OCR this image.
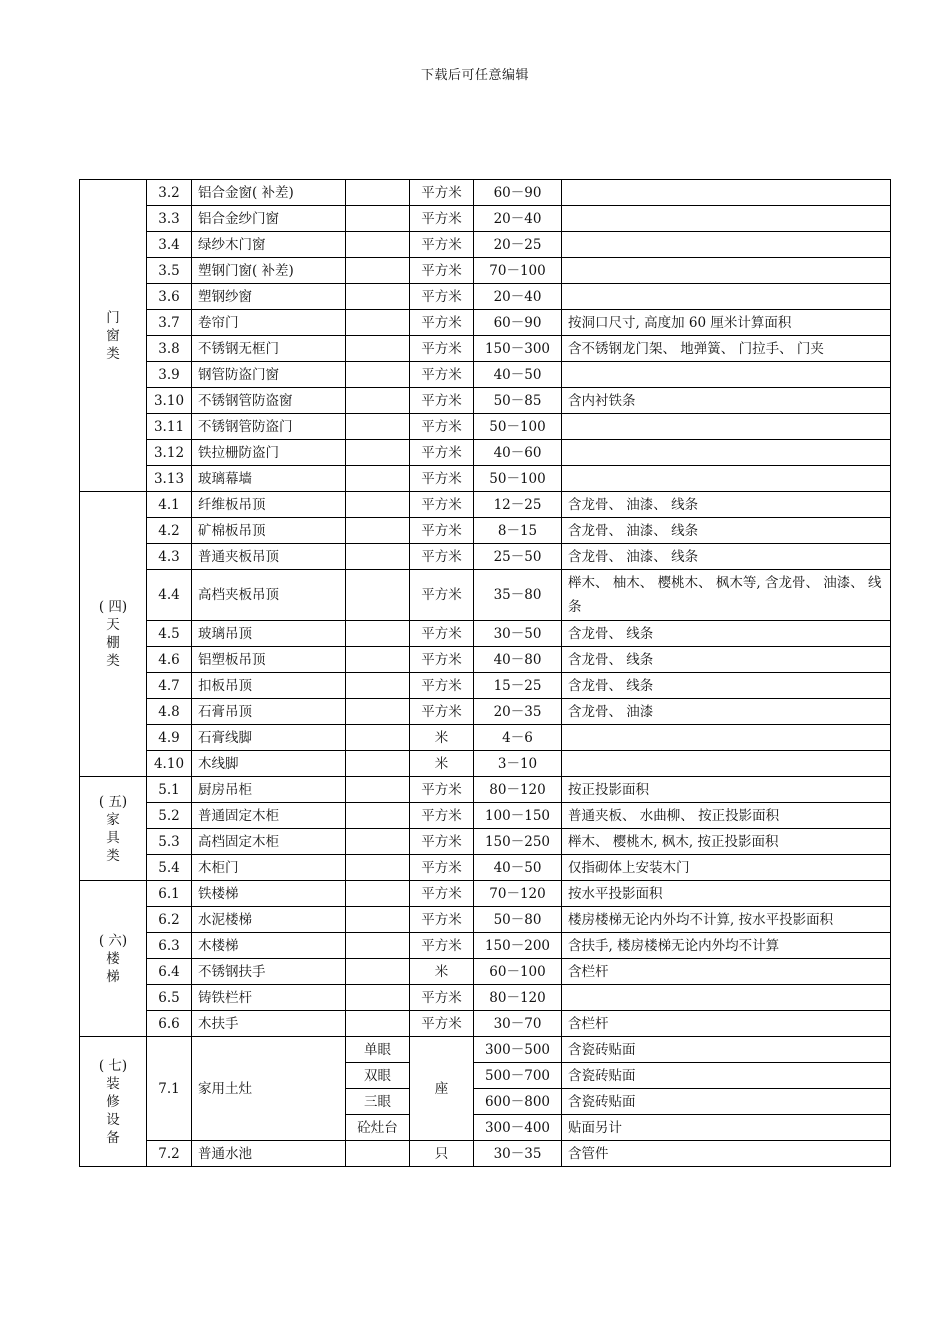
下载后可任意编辑
门
窗
类	3.2	铝合金窗( 补差)		平方米	60－90	
	3.3	铝合金纱门窗		平方米	20－40	
	3.4	绿纱木门窗		平方米	20－25	
	3.5	塑钢门窗( 补差)		平方米	70－100	
	3.6	塑钢纱窗		平方米	20－40	
	3.7	卷帘门		平方米	60－90	按洞口尺寸, 高度加 60 厘米计算面积
	3.8	不锈钢无框门		平方米	150－300	含不锈钢龙门架、 地弹簧、 门拉手、 门夹
	3.9	钢管防盗门窗		平方米	40－50	
	3.10	不锈钢管防盗窗		平方米	50－85	含内衬铁条
	3.11	不锈钢管防盗门		平方米	50－100	
	3.12	铁拉栅防盗门		平方米	40－60	
	3.13	玻璃幕墙		平方米	50－100	
( 四)
天
棚
类	4.1	纤维板吊顶		平方米	12－25	含龙骨、 油漆、 线条
	4.2	矿棉板吊顶		平方米	8－15	含龙骨、 油漆、 线条
	4.3	普通夹板吊顶		平方米	25－50	含龙骨、 油漆、 线条
	4.4	高档夹板吊顶		平方米	35－80	榉木、 柚木、 樱桃木、 枫木等, 含龙骨、 油漆、 线条
	4.5	玻璃吊顶		平方米	30－50	含龙骨、 线条
	4.6	铝塑板吊顶		平方米	40－80	含龙骨、 线条
	4.7	扣板吊顶		平方米	15－25	含龙骨、 线条
	4.8	石膏吊顶		平方米	20－35	含龙骨、 油漆
	4.9	石膏线脚		米	4－6	
	4.10	木线脚		米	3－10	
( 五)
家
具
类	5.1	厨房吊柜		平方米	80－120	按正投影面积
	5.2	普通固定木柜		平方米	100－150	普通夹板、 水曲柳、 按正投影面积
	5.3	高档固定木柜		平方米	150－250	榉木、 樱桃木, 枫木, 按正投影面积
	5.4	木柜门		平方米	40－50	仅指砌体上安装木门
( 六)
楼
梯	6.1	铁楼梯		平方米	70－120	按水平投影面积
	6.2	水泥楼梯		平方米	50－80	楼房楼梯无论内外均不计算, 按水平投影面积
	6.3	木楼梯		平方米	150－200	含扶手, 楼房楼梯无论内外均不计算
	6.4	不锈钢扶手		米	60－100	含栏杆
	6.5	铸铁栏杆		平方米	80－120	
	6.6	木扶手		平方米	30－70	含栏杆
( 七)
装
修
设
备	7.1	家用土灶	单眼	座	300－500	含瓷砖贴面
			双眼		500－700	含瓷砖贴面
			三眼		600－800	含瓷砖贴面
			砼灶台		300－400	贴面另计
	7.2	普通水池		只	30－35	含管件
